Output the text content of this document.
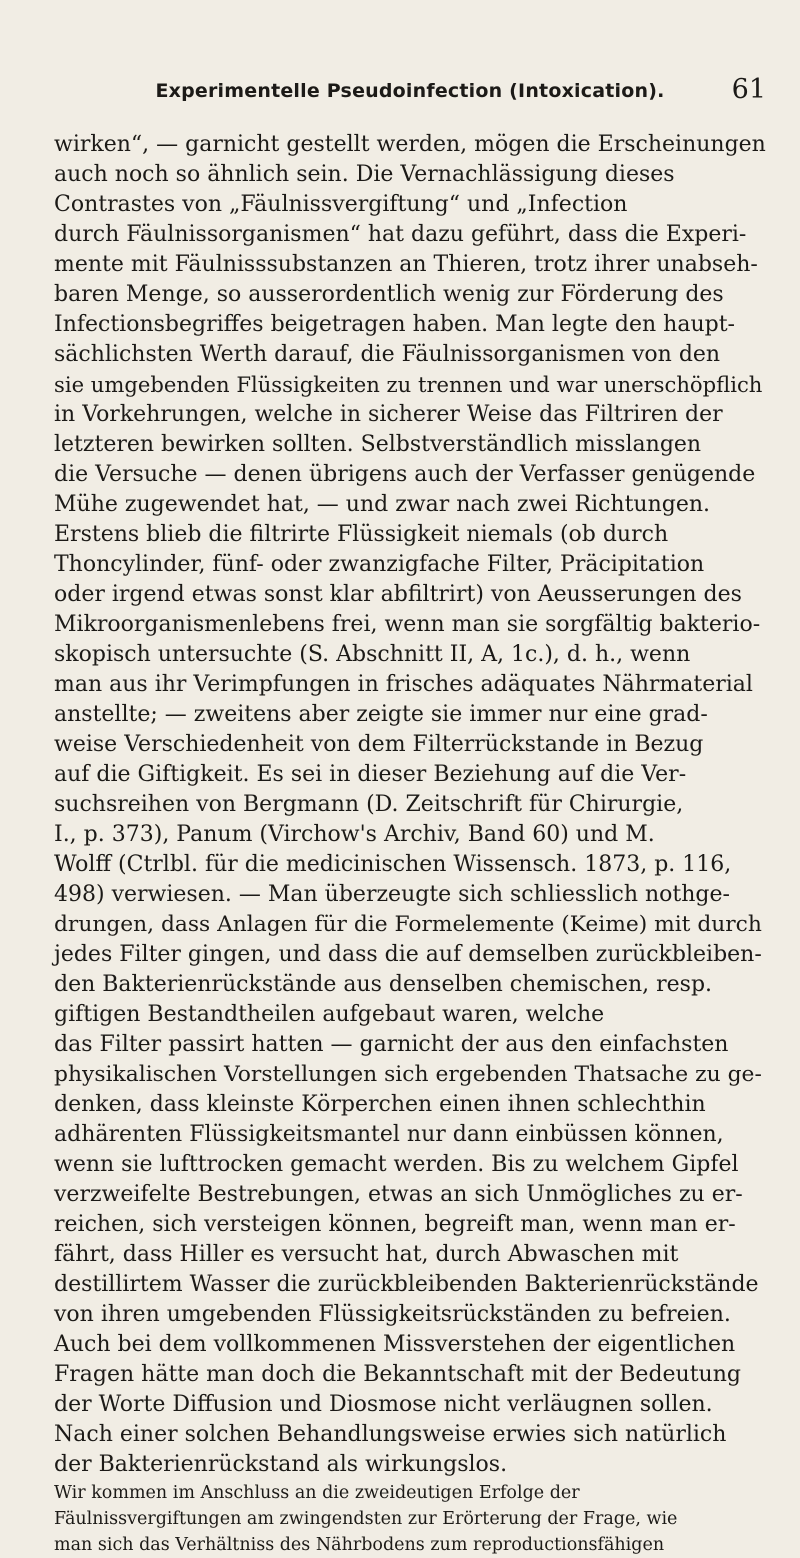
Experimentelle Pseudoinfection (Intoxication).	61
wirken“, — garnicht gestellt werden, mögen die Erscheinungen
auch noch so ähnlich sein. Die Vernachlässigung dieses
Contrastes von „Fäulnissvergiftung“ und „Infection
durch Fäulnissorganismen“ hat dazu geführt, dass die Experi-
mente mit Fäulnisssubstanzen an Thieren, trotz ihrer unabseh-
baren Menge, so ausserordentlich wenig zur Förderung des
Infectionsbegriffes beigetragen haben. Man legte den haupt-
sächlichsten Werth darauf, die Fäulnissorganismen von den
sie umgebenden Flüssigkeiten zu trennen und war unerschöpflich
in Vorkehrungen, welche in sicherer Weise das Filtriren der
letzteren bewirken sollten. Selbstverständlich misslangen
die Versuche — denen übrigens auch der Verfasser genügende
Mühe zugewendet hat, — und zwar nach zwei Richtungen.
Erstens blieb die filtrirte Flüssigkeit niemals (ob durch
Thoncylinder, fünf- oder zwanzigfache Filter, Präcipitation
oder irgend etwas sonst klar abfiltrirt) von Aeusserungen des
Mikroorganismenlebens frei, wenn man sie sorgfältig bakterio-
skopisch untersuchte (S. Abschnitt II, A, 1c.), d. h., wenn
man aus ihr Verimpfungen in frisches adäquates Nährmaterial
anstellte; — zweitens aber zeigte sie immer nur eine grad-
weise Verschiedenheit von dem Filterrückstande in Bezug
auf die Giftigkeit. Es sei in dieser Beziehung auf die Ver-
suchsreihen von Bergmann (D. Zeitschrift für Chirurgie,
I., p. 373), Panum (Virchow's Archiv, Band 60) und M.
Wolff (Ctrlbl. für die medicinischen Wissensch. 1873, p. 116,
498) verwiesen. — Man überzeugte sich schliesslich nothge-
drungen, dass Anlagen für die Formelemente (Keime) mit durch
jedes Filter gingen, und dass die auf demselben zurückbleiben-
den Bakterienrückstände aus denselben chemischen, resp.
giftigen Bestandtheilen aufgebaut waren, welche
das Filter passirt hatten — garnicht der aus den einfachsten
physikalischen Vorstellungen sich ergebenden Thatsache zu ge-
denken, dass kleinste Körperchen einen ihnen schlechthin
adhärenten Flüssigkeitsmantel nur dann einbüssen können,
wenn sie lufttrocken gemacht werden. Bis zu welchem Gipfel
verzweifelte Bestrebungen, etwas an sich Unmögliches zu er-
reichen, sich versteigen können, begreift man, wenn man er-
fährt, dass Hiller es versucht hat, durch Abwaschen mit
destillirtem Wasser die zurückbleibenden Bakterienrückstände
von ihren umgebenden Flüssigkeitsrückständen zu befreien.
Auch bei dem vollkommenen Missverstehen der eigentlichen
Fragen hätte man doch die Bekanntschaft mit der Bedeutung
der Worte Diffusion und Diosmose nicht verläugnen sollen.
Nach einer solchen Behandlungsweise erwies sich natürlich
der Bakterienrückstand als wirkungslos.
Wir kommen im Anschluss an die zweideutigen Erfolge der
Fäulnissvergiftungen am zwingendsten zur Erörterung der Frage, wie
man sich das Verhältniss des Nährbodens zum reproductionsfähigen
